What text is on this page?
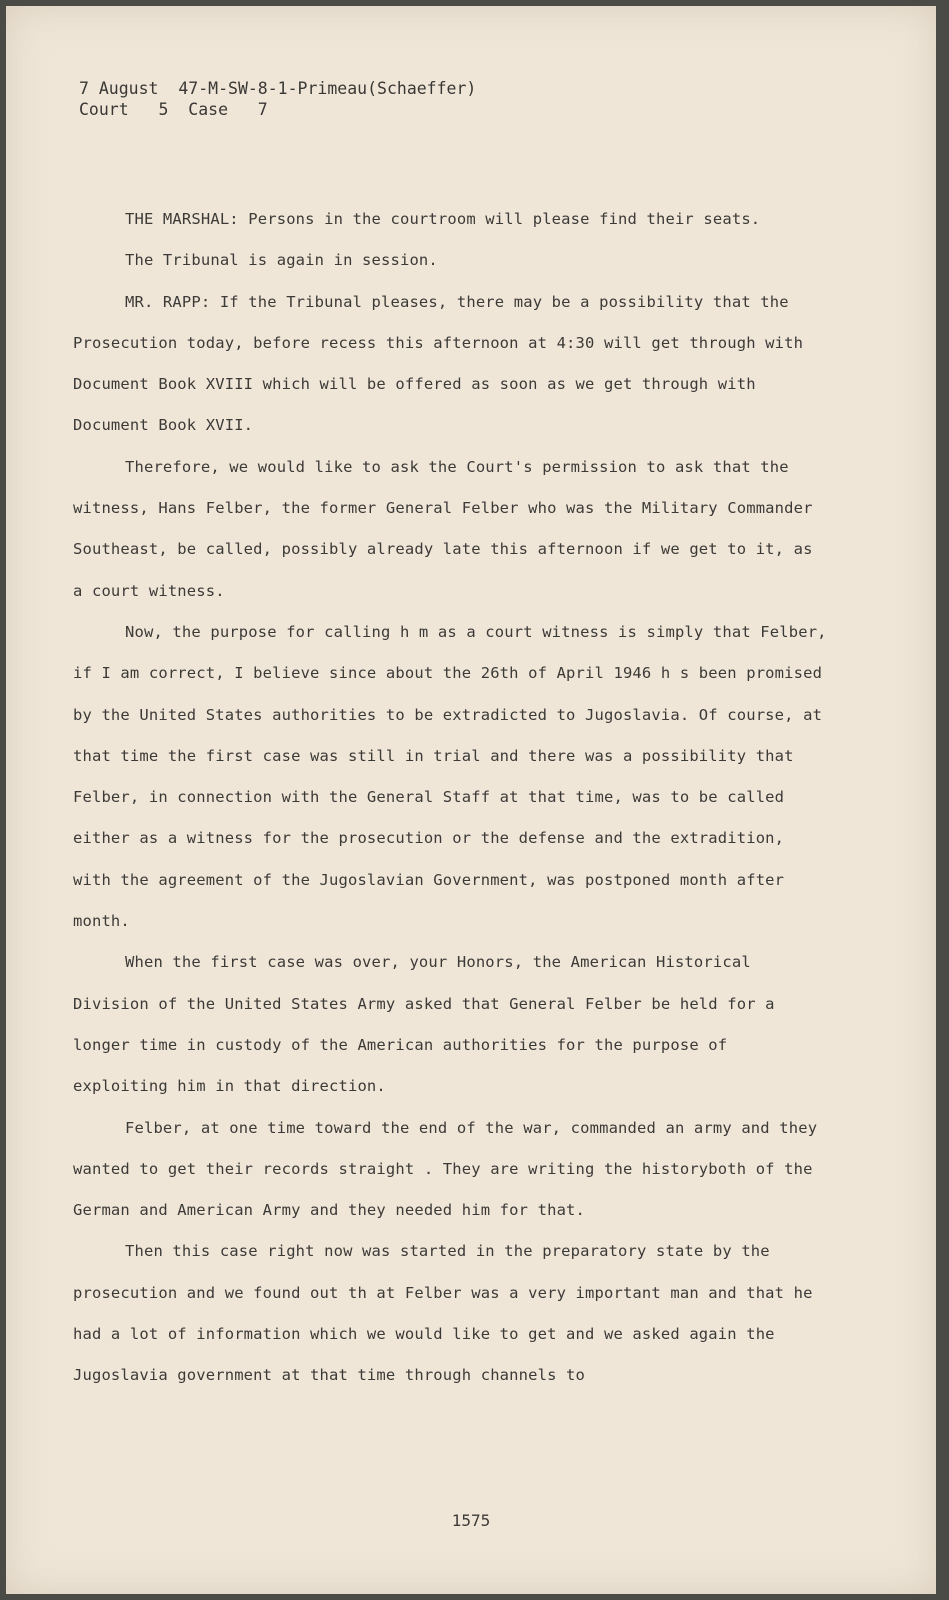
7 August  47-M-SW-8-1-Primeau(Schaeffer)
Court   5  Case   7

THE MARSHAL: Persons in the courtroom will please find their seats.

The Tribunal is again in session.

MR. RAPP: If the Tribunal pleases, there may be a possibility that the Prosecution today, before recess this afternoon at 4:30 will get through with Document Book XVIII which will be offered as soon as we get through with Document Book XVII.

Therefore, we would like to ask the Court's permission to ask that the witness, Hans Felber, the former General Felber who was the Military Commander Southeast, be called, possibly already late this afternoon if we get to it, as a court witness.

Now, the purpose for calling h m as a court witness is simply that Felber, if I am correct, I believe since about the 26th of April 1946 h s been promised by the United States authorities to be extradicted to Jugoslavia. Of course, at that time the first case was still in trial and there was a possibility that Felber, in connection with the General Staff at that time, was to be called either as a witness for the prosecution or the defense and the extradition, with the agreement of the Jugoslavian Government, was postponed month after month.

When the first case was over, your Honors, the American Historical Division of the United States Army asked that General Felber be held for a longer time in custody of the American authorities for the purpose of exploiting him in that direction.

Felber, at one time toward the end of the war, commanded an army and they wanted to get their records straight . They are writing the historyboth of the German and American Army and they needed him for that.

Then this case right now was started in the preparatory state by the prosecution and we found out th at Felber was a very important man and that he had a lot of information which we would like to get and we asked again the Jugoslavia government at that time through channels to

1575
